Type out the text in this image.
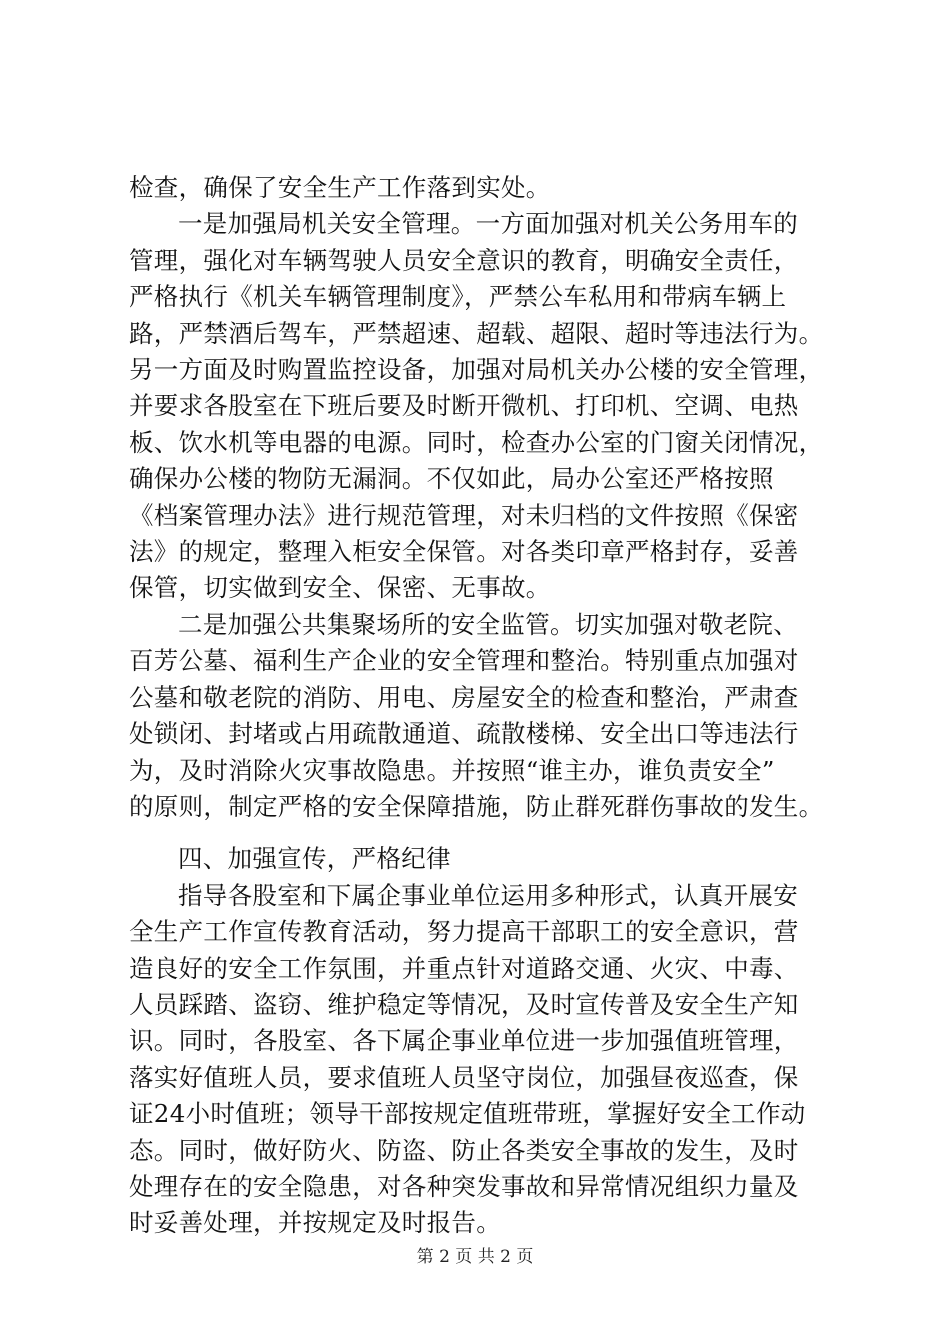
检查，确保了安全生产工作落到实处。
一是加强局机关安全管理。一方面加强对机关公务用车的
管理，强化对车辆驾驶人员安全意识的教育，明确安全责任，
严格执行《机关车辆管理制度》，严禁公车私用和带病车辆上
路，严禁酒后驾车，严禁超速、超载、超限、超时等违法行为。
另一方面及时购置监控设备，加强对局机关办公楼的安全管理，
并要求各股室在下班后要及时断开微机、打印机、空调、电热
板、饮水机等电器的电源。同时，检查办公室的门窗关闭情况，
确保办公楼的物防无漏洞。不仅如此，局办公室还严格按照
《档案管理办法》进行规范管理，对未归档的文件按照《保密
法》的规定，整理入柜安全保管。对各类印章严格封存，妥善
保管，切实做到安全、保密、无事故。
二是加强公共集聚场所的安全监管。切实加强对敬老院、
百芳公墓、福利生产企业的安全管理和整治。特别重点加强对
公墓和敬老院的消防、用电、房屋安全的检查和整治，严肃查
处锁闭、封堵或占用疏散通道、疏散楼梯、安全出口等违法行
为，及时消除火灾事故隐患。并按照“谁主办，谁负责安全”
的原则，制定严格的安全保障措施，防止群死群伤事故的发生。
四、加强宣传，严格纪律
指导各股室和下属企事业单位运用多种形式，认真开展安
全生产工作宣传教育活动，努力提高干部职工的安全意识，营
造良好的安全工作氛围，并重点针对道路交通、火灾、中毒、
人员踩踏、盗窃、维护稳定等情况，及时宣传普及安全生产知
识。同时，各股室、各下属企事业单位进一步加强值班管理，
落实好值班人员，要求值班人员坚守岗位，加强昼夜巡查，保
证24小时值班；领导干部按规定值班带班，掌握好安全工作动
态。同时，做好防火、防盗、防止各类安全事故的发生，及时
处理存在的安全隐患，对各种突发事故和异常情况组织力量及
时妥善处理，并按规定及时报告。
第 2 页 共 2 页
